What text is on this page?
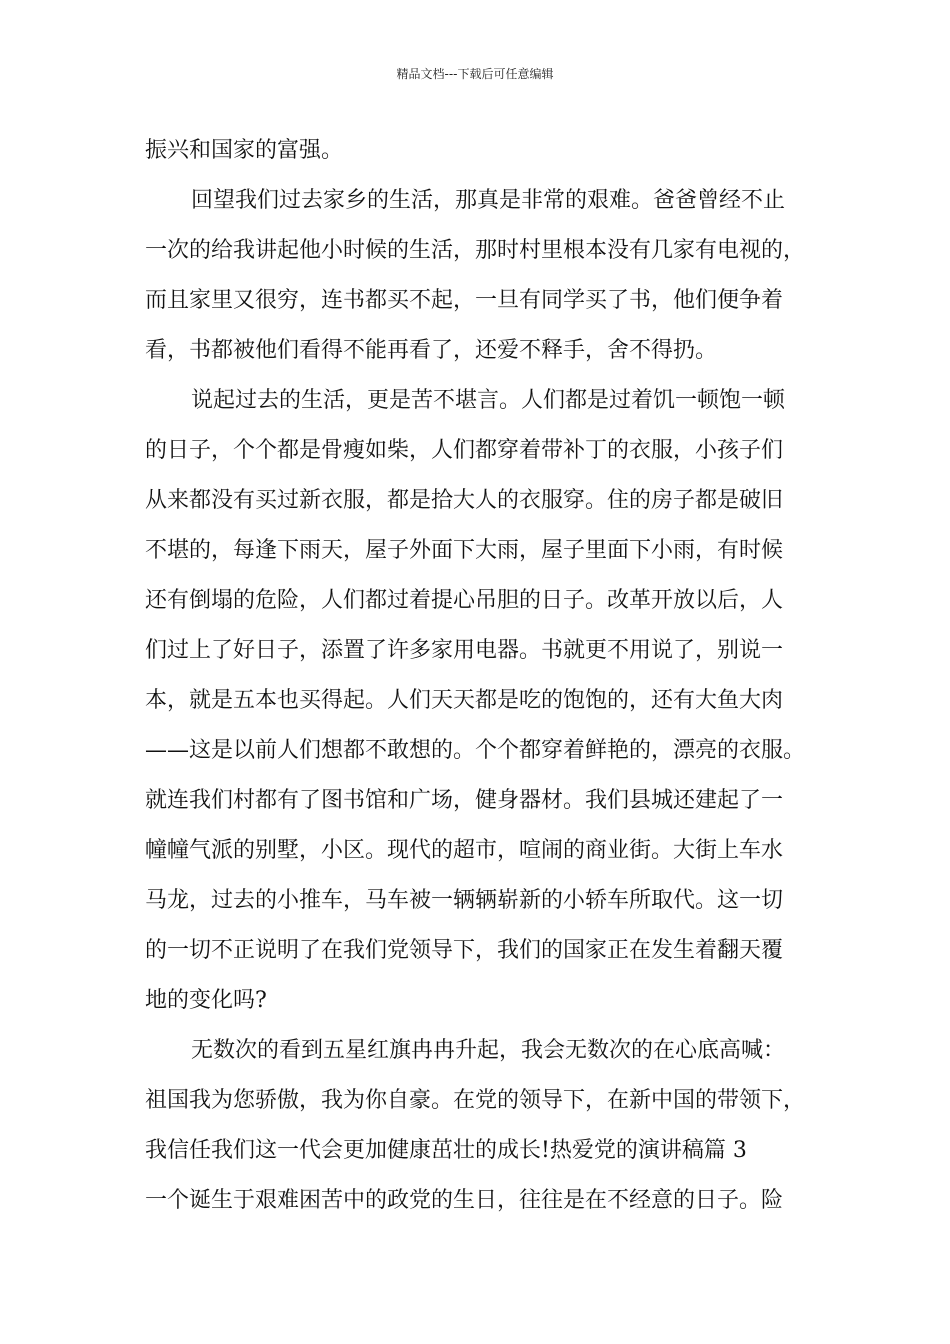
精品文档---下载后可任意编辑
振兴和国家的富强。
回望我们过去家乡的生活，那真是非常的艰难。爸爸曾经不止
一次的给我讲起他小时候的生活，那时村里根本没有几家有电视的，
而且家里又很穷，连书都买不起，一旦有同学买了书，他们便争着
看，书都被他们看得不能再看了，还爱不释手，舍不得扔。
说起过去的生活，更是苦不堪言。人们都是过着饥一顿饱一顿
的日子，个个都是骨瘦如柴，人们都穿着带补丁的衣服，小孩子们
从来都没有买过新衣服，都是拾大人的衣服穿。住的房子都是破旧
不堪的，每逢下雨天，屋子外面下大雨，屋子里面下小雨，有时候
还有倒塌的危险，人们都过着提心吊胆的日子。改革开放以后，人
们过上了好日子，添置了许多家用电器。书就更不用说了，别说一
本，就是五本也买得起。人们天天都是吃的饱饱的，还有大鱼大肉
——这是以前人们想都不敢想的。个个都穿着鲜艳的，漂亮的衣服。
就连我们村都有了图书馆和广场，健身器材。我们县城还建起了一
幢幢气派的别墅，小区。现代的超市，喧闹的商业街。大街上车水
马龙，过去的小推车，马车被一辆辆崭新的小轿车所取代。这一切
的一切不正说明了在我们党领导下，我们的国家正在发生着翻天覆
地的变化吗?
无数次的看到五星红旗冉冉升起，我会无数次的在心底高喊：
祖国我为您骄傲，我为你自豪。在党的领导下，在新中国的带领下，
我信任我们这一代会更加健康茁壮的成长!热爱党的演讲稿篇 3
一个诞生于艰难困苦中的政党的生日，往往是在不经意的日子。险
